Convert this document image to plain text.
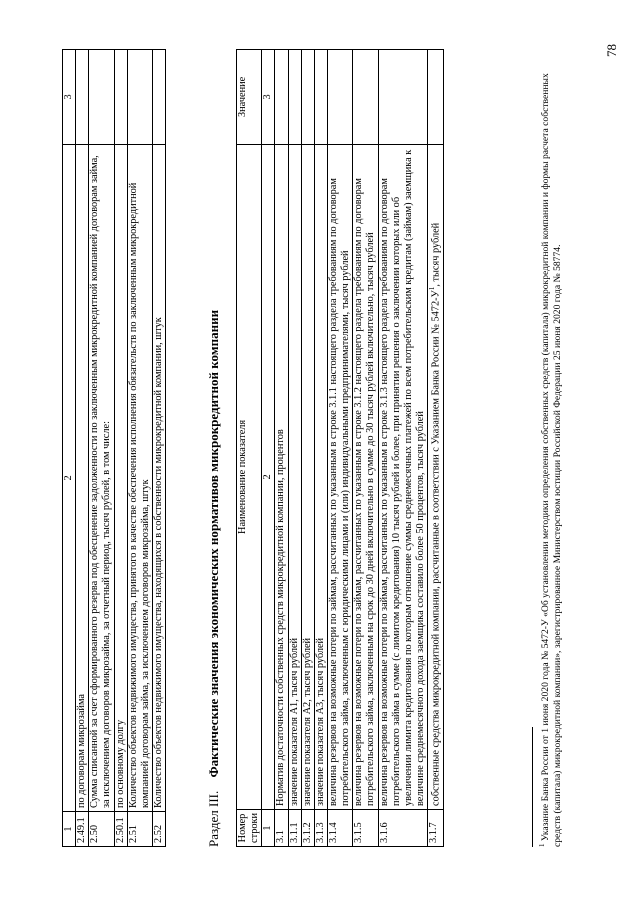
1	2	3
2.49.1	по договорам микрозайма	
2.50	Сумма списанной за счет сформированного резерва под обесценение задолженности по заключенным микрокредитной компанией договорам займа, за исключением договоров микрозайма, за отчетный период, тысяч рублей, в том числе:	
2.50.1	по основному долгу	
2.51	Количество объектов недвижимого имущества, принятого в качестве обеспечения исполнения обязательств по заключенным микрокредитной компанией договорам займа, за исключением договоров микрозайма, штук	
2.52	Количество объектов недвижимого имущества, находящихся в собственности микрокредитной компании, штук	
Раздел III. Фактические значения экономических нормативов микрокредитной компании
Номер строки	Наименование показателя	Значение
1	2	3
3.1	Норматив достаточности собственных средств микрокредитной компании, процентов	
3.1.1	значение показателя А1, тысяч рублей	
3.1.2	значение показателя А2, тысяч рублей	
3.1.3	значение показателя А3, тысяч рублей	
3.1.4	величина резервов на возможные потери по займам, рассчитанных по указанным в строке 3.1.1 настоящего раздела требованиям по договорам потребительского займа, заключенным с юридическими лицами и (или) индивидуальными предпринимателями, тысяч рублей	
3.1.5	величина резервов на возможные потери по займам, рассчитанных по указанным в строке 3.1.2 настоящего раздела требованиям по договорам потребительского займа, заключенным на срок до 30 дней включительно в сумме до 30 тысяч рублей включительно, тысяч рублей	
3.1.6	величина резервов на возможные потери по займам, рассчитанных по указанным в строке 3.1.3 настоящего раздела требованиям по договорам потребительского займа в сумме (с лимитом кредитования) 10 тысяч рублей и более, при принятии решения о заключении которых или об увеличении лимита кредитования по которым отношение суммы среднемесячных платежей по всем потребительским кредитам (займам) заемщика к величине среднемесячного дохода заемщика составило более 50 процентов, тысяч рублей	
3.1.7	собственные средства микрокредитной компании, рассчитанные в соответствии с Указанием Банка России № $5472-У^1$, тысяч рублей	
$^1$ Указание Банка России от 1 июня 2020 года № 5472-У «Об установлении методики определения собственных средств (капитала) микрокредитной компании и формы расчета собственных средств (капитала) микрокредитной компании», зарегистрированное Министерством юстиции Российской Федерации 25 июня 2020 года № 58774.
78
